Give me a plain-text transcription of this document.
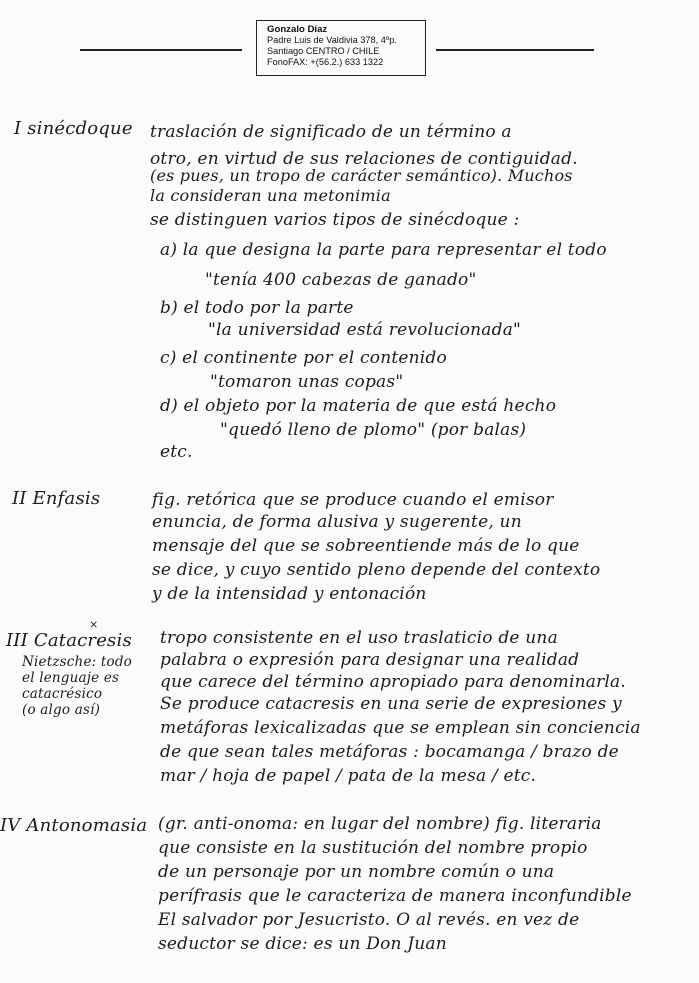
Gonzalo Díaz
Padre Luis de Valdivia 378, 4ºp.
Santiago CENTRO / CHILE
FonoFAX: +(56.2.) 633 1322
I sinécdoque traslación de significado de un término a
otro, en virtud de sus relaciones de contiguidad.
(es pues, un tropo de carácter semántico). Muchos
la consideran una metonimia
se distinguen varios tipos de sinécdoque :
a) la que designa la parte para representar el todo
"tenía 400 cabezas de ganado"
b) el todo por la parte
"la universidad está revolucionada"
c) el continente por el contenido
"tomaron unas copas"
d) el objeto por la materia de que está hecho
"quedó lleno de plomo" (por balas)
etc.
II Enfasis	fig. retórica que se produce cuando el emisor
enuncia, de forma alusiva y sugerente, un
mensaje del que se sobreentiende más de lo que
se dice, y cuyo sentido pleno depende del contexto
y de la intensidad y entonación
III Catacresis
×
Nietzsche: todo
el lenguaje es
catacrésico
(o algo así)
tropo consistente en el uso traslaticio de una
palabra o expresión para designar una realidad
que carece del término apropiado para denominarla.
Se produce catacresis en una serie de expresiones y
metáforas lexicalizadas que se emplean sin conciencia
de que sean tales metáforas : bocamanga / brazo de
mar / hoja de papel / pata de la mesa / etc.
IV Antonomasia (gr. anti-onoma: en lugar del nombre) fig. literaria
que consiste en la sustitución del nombre propio
de un personaje por un nombre común o una
perífrasis que le caracteriza de manera inconfundible
El salvador por Jesucristo. O al revés. en vez de
seductor se dice: es un Don Juan
